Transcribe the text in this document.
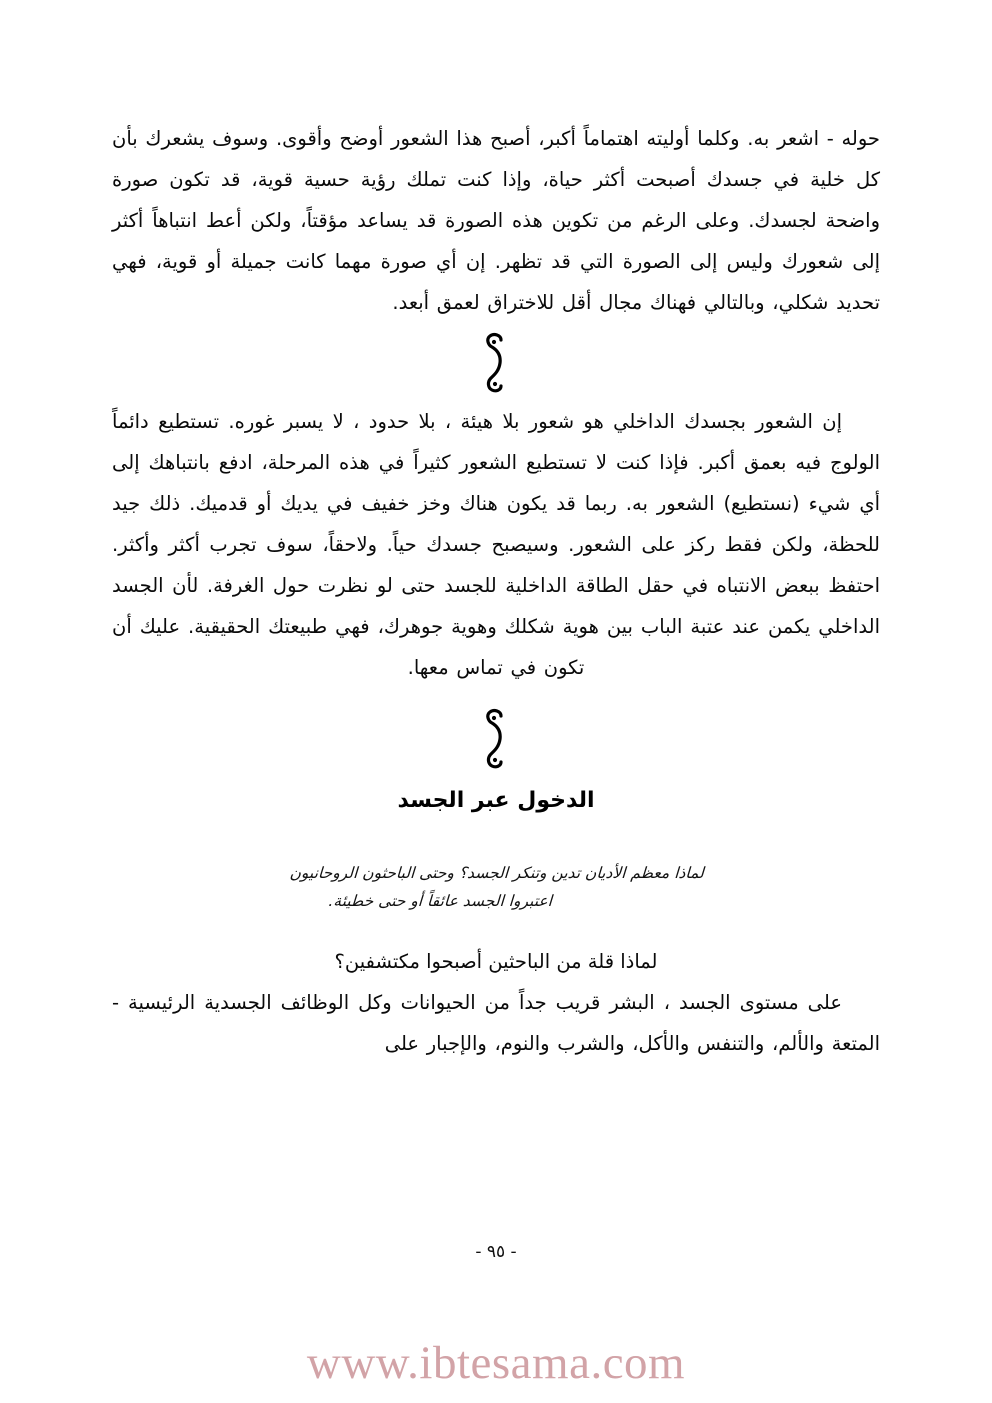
حوله - اشعر به. وكلما أوليته اهتماماً أكبر، أصبح هذا الشعور أوضح وأقوى. وسوف يشعرك بأن كل خلية في جسدك أصبحت أكثر حياة، وإذا كنت تملك رؤية حسية قوية، قد تكون صورة واضحة لجسدك. وعلى الرغم من تكوين هذه الصورة قد يساعد مؤقتاً، ولكن أعط انتباهاً أكثر إلى شعورك وليس إلى الصورة التي قد تظهر. إن أي صورة مهما كانت جميلة أو قوية، فهي تحديد شكلي، وبالتالي فهناك مجال أقل للاختراق لعمق أبعد.

إن الشعور بجسدك الداخلي هو شعور بلا هيئة ، بلا حدود ، لا يسبر غوره. تستطيع دائماً الولوج فيه بعمق أكبر. فإذا كنت لا تستطيع الشعور كثيراً في هذه المرحلة، ادفع بانتباهك إلى أي شيء (نستطيع) الشعور به. ربما قد يكون هناك وخز خفيف في يديك أو قدميك. ذلك جيد للحظة، ولكن فقط ركز على الشعور. وسيصبح جسدك حياً. ولاحقاً، سوف تجرب أكثر وأكثر. احتفظ ببعض الانتباه في حقل الطاقة الداخلية للجسد حتى لو نظرت حول الغرفة. لأن الجسد الداخلي يكمن عند عتبة الباب بين هوية شكلك وهوية جوهرك، فهي طبيعتك الحقيقية. عليك أن تكون في تماس معها.

الدخول عبر الجسد
لماذا معظم الأديان تدين وتنكر الجسد؟ وحتى الباحثون الروحانيون
اعتبروا الجسد عائقاً أو حتى خطيئة.

لماذا قلة من الباحثين أصبحوا مكتشفين؟

على مستوى الجسد ، البشر قريب جداً من الحيوانات وكل الوظائف الجسدية الرئيسية - المتعة والألم، والتنفس والأكل، والشرب والنوم، والإجبار على

- ٩٥ -
www.ibtesama.com
